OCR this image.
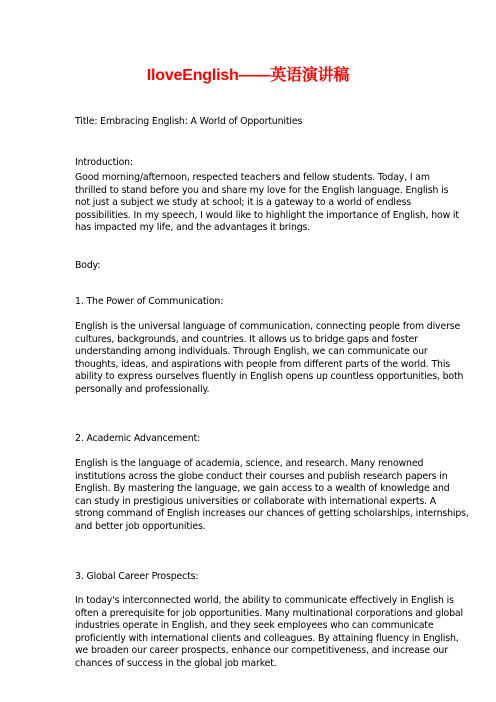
IloveEnglish——英语演讲稿
Title: Embracing English: A World of Opportunities
Introduction:
Good morning/afternoon, respected teachers and fellow students. Today, I am
thrilled to stand before you and share my love for the English language. English is
not just a subject we study at school; it is a gateway to a world of endless
possibilities. In my speech, I would like to highlight the importance of English, how it
has impacted my life, and the advantages it brings.
Body:
1. The Power of Communication:
English is the universal language of communication, connecting people from diverse
cultures, backgrounds, and countries. It allows us to bridge gaps and foster
understanding among individuals. Through English, we can communicate our
thoughts, ideas, and aspirations with people from different parts of the world. This
ability to express ourselves fluently in English opens up countless opportunities, both
personally and professionally.
2. Academic Advancement:
English is the language of academia, science, and research. Many renowned
institutions across the globe conduct their courses and publish research papers in
English. By mastering the language, we gain access to a wealth of knowledge and
can study in prestigious universities or collaborate with international experts. A
strong command of English increases our chances of getting scholarships, internships,
and better job opportunities.
3. Global Career Prospects:
In today's interconnected world, the ability to communicate effectively in English is
often a prerequisite for job opportunities. Many multinational corporations and global
industries operate in English, and they seek employees who can communicate
proficiently with international clients and colleagues. By attaining fluency in English,
we broaden our career prospects, enhance our competitiveness, and increase our
chances of success in the global job market.
